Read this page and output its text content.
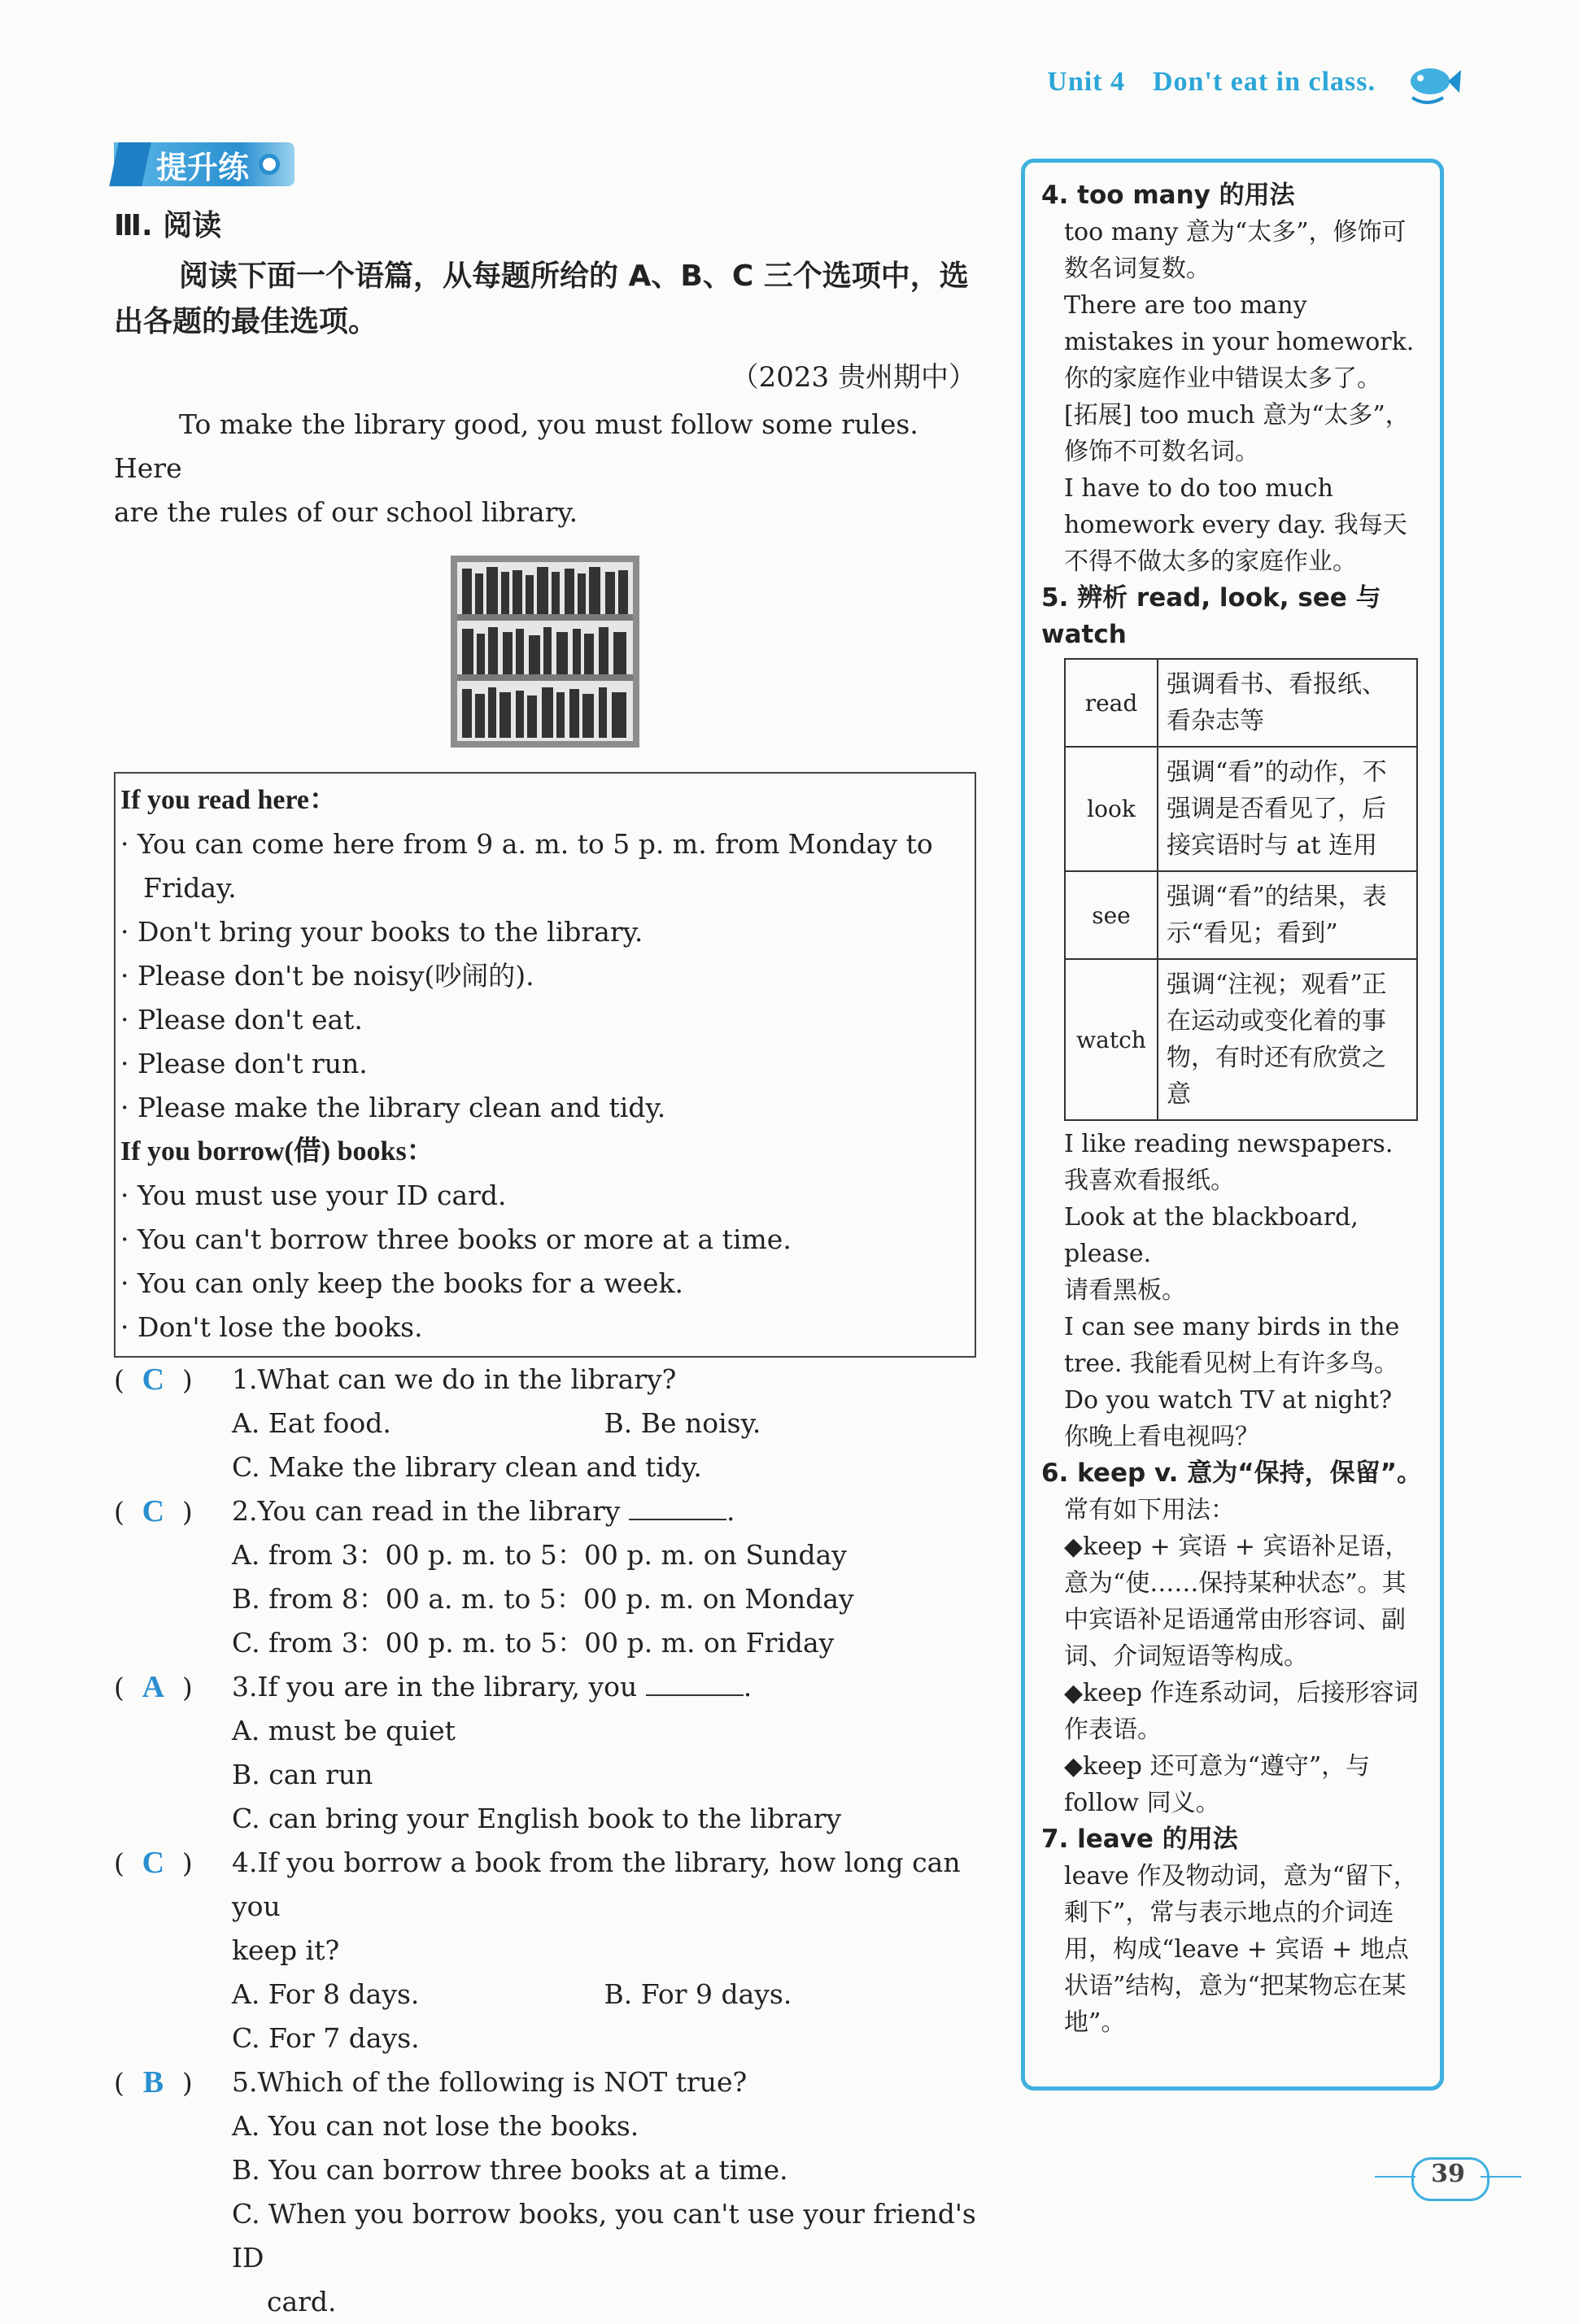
Unit 4 Don't eat in class.
提升练
Ⅲ. 阅读
阅读下面一个语篇，从每题所给的 A、B、C 三个选项中，选出各题的最佳选项。
（2023 贵州期中）
To make the library good, you must follow some rules. Here
are the rules of our school library.
If you read here：
· You can come here from 9 a. m. to 5 p. m. from Monday to Friday.
· Don't bring your books to the library.
· Please don't be noisy(吵闹的).
· Please don't eat.
· Please don't run.
· Please make the library clean and tidy.
If you borrow(借) books：
· You must use your ID card.
· You can't borrow three books or more at a time.
· You can only keep the books for a week.
· Don't lose the books.
( C )	1.What can we do in the library?
A. Eat food.	B. Be noisy.
C. Make the library clean and tidy.
( C )	2.You can read in the library	.
A. from 3：00 p. m. to 5：00 p. m. on Sunday
B. from 8：00 a. m. to 5：00 p. m. on Monday
C. from 3：00 p. m. to 5：00 p. m. on Friday
( A )	3.If you are in the library, you	.
A. must be quiet
B. can run
C. can bring your English book to the library
( C )	4.If you borrow a book from the library, how long can you
keep it?
A. For 8 days.	B. For 9 days.
C. For 7 days.
( B )	5.Which of the following is NOT true?
A. You can not lose the books.
B. You can borrow three books at a time.
C. When you borrow books, you can't use your friend's ID
card.
4. too many 的用法
too many 意为“太多”，修饰可数名词复数。
There are too many mistakes in your homework. 你的家庭作业中错误太多了。
[拓展] too much 意为“太多”，修饰不可数名词。
I have to do too much homework every day. 我每天不得不做太多的家庭作业。
5. 辨析 read, look, see 与 watch
read	强调看书、看报纸、看杂志等
look	强调“看”的动作，不强调是否看见了，后接宾语时与 at 连用
see	强调“看”的结果，表示“看见；看到”
watch	强调“注视；观看”正在运动或变化着的事物，有时还有欣赏之意
I like reading newspapers.
我喜欢看报纸。
Look at the blackboard, please.
请看黑板。
I can see many birds in the tree. 我能看见树上有许多鸟。
Do you watch TV at night?
你晚上看电视吗？
6. keep v. 意为“保持，保留”。
常有如下用法：
◆keep + 宾语 + 宾语补足语，意为“使……保持某种状态”。其中宾语补足语通常由形容词、副词、介词短语等构成。
◆keep 作连系动词，后接形容词作表语。
◆keep 还可意为“遵守”，与 follow 同义。
7. leave 的用法
leave 作及物动词，意为“留下，剩下”，常与表示地点的介词连用，构成“leave + 宾语 + 地点状语”结构，意为“把某物忘在某地”。
39
